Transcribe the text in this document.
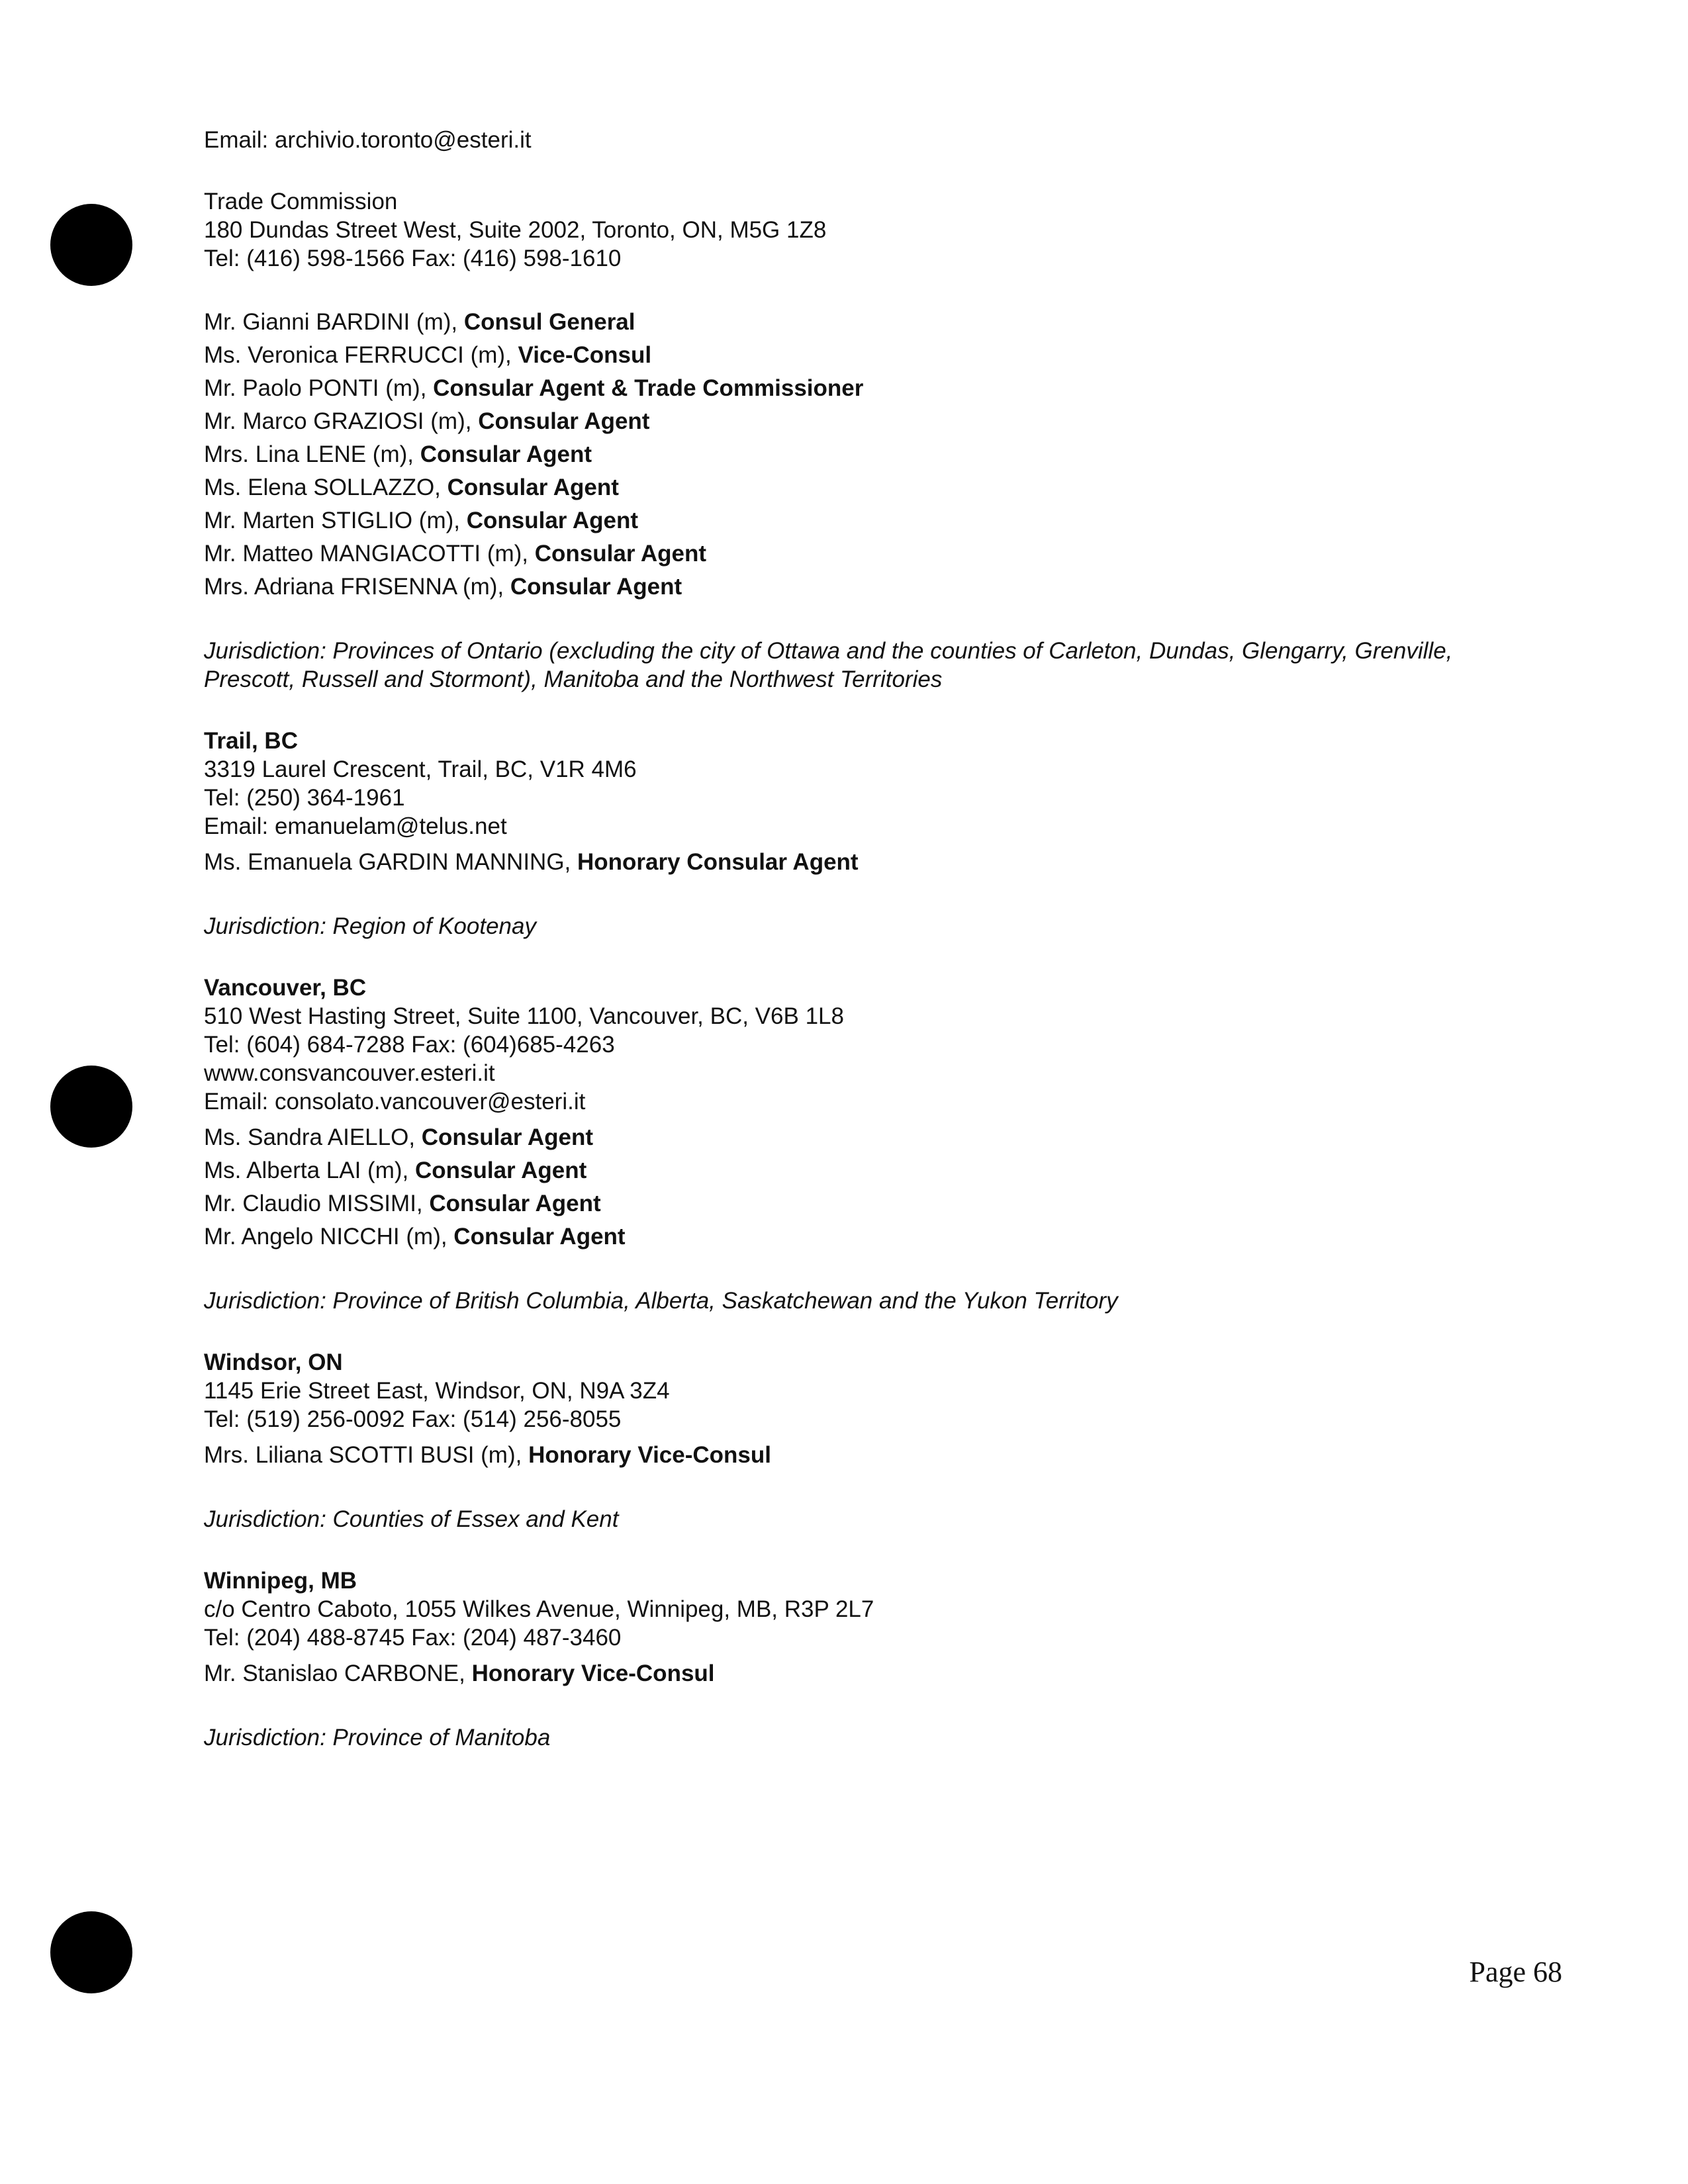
Email: archivio.toronto@esteri.it

Trade Commission

180 Dundas Street West, Suite 2002, Toronto, ON, M5G 1Z8

Tel: (416) 598-1566 Fax: (416) 598-1610

Mr. Gianni BARDINI (m), Consul General

Ms. Veronica FERRUCCI (m), Vice-Consul

Mr. Paolo PONTI (m), Consular Agent & Trade Commissioner

Mr. Marco GRAZIOSI (m), Consular Agent

Mrs. Lina LENE (m), Consular Agent

Ms. Elena SOLLAZZO, Consular Agent

Mr. Marten STIGLIO (m), Consular Agent

Mr. Matteo MANGIACOTTI (m), Consular Agent

Mrs. Adriana FRISENNA (m), Consular Agent

Jurisdiction: Provinces of Ontario (excluding the city of Ottawa and the counties of Carleton, Dundas, Glengarry, Grenville, Prescott, Russell and Stormont), Manitoba and the Northwest Territories

Trail, BC

3319 Laurel Crescent, Trail, BC, V1R 4M6

Tel: (250) 364-1961

Email: emanuelam@telus.net

Ms. Emanuela GARDIN MANNING, Honorary Consular Agent

Jurisdiction: Region of Kootenay

Vancouver, BC

510 West Hasting Street, Suite 1100, Vancouver, BC, V6B 1L8

Tel: (604) 684-7288 Fax: (604)685-4263

www.consvancouver.esteri.it

Email: consolato.vancouver@esteri.it

Ms. Sandra AIELLO, Consular Agent

Ms. Alberta LAI (m), Consular Agent

Mr. Claudio MISSIMI, Consular Agent

Mr. Angelo NICCHI (m), Consular Agent

Jurisdiction: Province of British Columbia, Alberta, Saskatchewan and the Yukon Territory

Windsor, ON

1145 Erie Street East, Windsor, ON, N9A 3Z4

Tel: (519) 256-0092 Fax: (514) 256-8055

Mrs. Liliana SCOTTI BUSI (m), Honorary Vice-Consul

Jurisdiction: Counties of Essex and Kent

Winnipeg, MB

c/o Centro Caboto, 1055 Wilkes Avenue, Winnipeg, MB, R3P 2L7

Tel: (204) 488-8745 Fax: (204) 487-3460

Mr. Stanislao CARBONE, Honorary Vice-Consul

Jurisdiction: Province of Manitoba

Page 68
